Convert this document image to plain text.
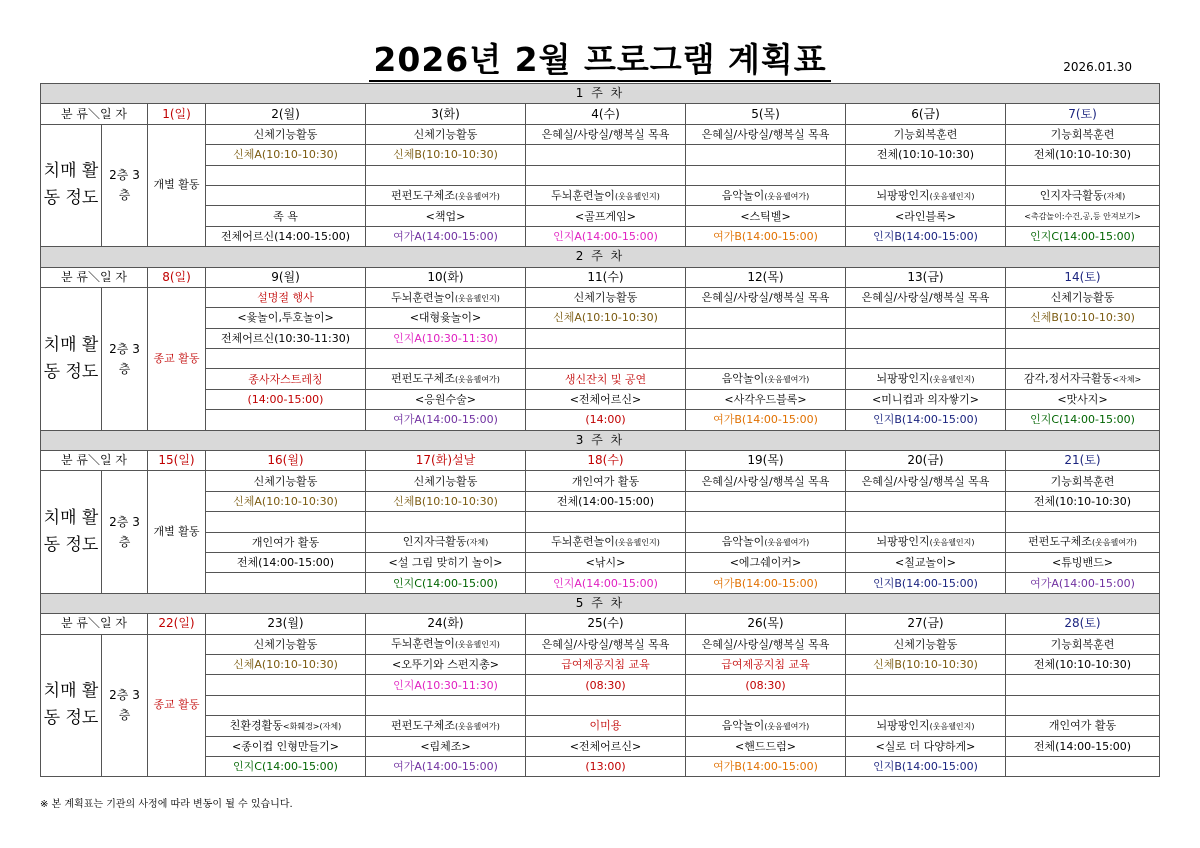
2026년 2월 프로그램 계획표	2026.01.30
1 주 차								
분 류＼일 자		1(일)	2(월)	3(화)	4(수)	5(목)	6(금)	7(토)
치매 활동 정도	2층 3층	개별 활동	신체기능활동	신체기능활동	은혜실/사랑실/행복실 목욕	은혜실/사랑실/행복실 목욕	기능회복훈련	기능회복훈련
			신체A(10:10-10:30)	신체B(10:10-10:30)			전체(10:10-10:30)	전체(10:10-10:30)

				펀펀도구체조(웃음웰여가)	두뇌훈련놀이(웃음웰인지)	음악놀이(웃음웰여가)	뇌팡팡인지(웃음웰인지)	인지자극활동(자체)
			족 욕	<책업>	<골프게임>	<스틱벨>	<라인블록>	<촉감놀이:수건,공,등 안져보기>
			전체어르신(14:00-15:00)	여가A(14:00-15:00)	인지A(14:00-15:00)	여가B(14:00-15:00)	인지B(14:00-15:00)	인지C(14:00-15:00)
2 주 차								
분 류＼일 자		8(일)	9(월)	10(화)	11(수)	12(목)	13(금)	14(토)
치매 활동 정도	2층 3층	종교 활동	설명절 행사	두뇌훈련놀이(웃음웰인지)	신체기능활동	은혜실/사랑실/행복실 목욕	은혜실/사랑실/행복실 목욕	신체기능활동
			<윷놀이,투호놀이>	<대형윷놀이>	신체A(10:10-10:30)			신체B(10:10-10:30)
			전체어르신(10:30-11:30)	인지A(10:30-11:30)				

			종사자스트레칭	펀펀도구체조(웃음웰여가)	생신잔치 및 공연	음악놀이(웃음웰여가)	뇌팡팡인지(웃음웰인지)	감각,정서자극활동<자체>
			(14:00-15:00)	<응원수술>	<전체어르신>	<사각우드블록>	<미니컵과 의자쌓기>	<맛사지>
				여가A(14:00-15:00)	(14:00)	여가B(14:00-15:00)	인지B(14:00-15:00)	인지C(14:00-15:00)
3 주 차								
분 류＼일 자		15(일)	16(월)	17(화)설날	18(수)	19(목)	20(금)	21(토)
치매 활동 정도	2층 3층	개별 활동	신체기능활동	신체기능활동	개인여가 활동	은혜실/사랑실/행복실 목욕	은혜실/사랑실/행복실 목욕	기능회복훈련
			신체A(10:10-10:30)	신체B(10:10-10:30)	전체(14:00-15:00)			전체(10:10-10:30)

			개인여가 활동	인지자극활동(자체)	두뇌훈련놀이(웃음웰인지)	음악놀이(웃음웰여가)	뇌팡팡인지(웃음웰인지)	펀펀도구체조(웃음웰여가)
			전체(14:00-15:00)	<설 그림 맞히기 놀이>	<낚시>	<에그쉐이커>	<칠교놀이>	<튜빙밴드>
				인지C(14:00-15:00)	인지A(14:00-15:00)	여가B(14:00-15:00)	인지B(14:00-15:00)	여가A(14:00-15:00)
5 주 차								
분 류＼일 자		22(일)	23(월)	24(화)	25(수)	26(목)	27(금)	28(토)
치매 활동 정도	2층 3층	종교 활동	신체기능활동	두뇌훈련놀이(웃음웰인지)	은혜실/사랑실/행복실 목욕	은혜실/사랑실/행복실 목욕	신체기능활동	기능회복훈련
			신체A(10:10-10:30)	<오뚜기와 스펀지총>	급여제공지침 교육	급여제공지침 교육	신체B(10:10-10:30)	전체(10:10-10:30)
				인지A(10:30-11:30)	(08:30)	(08:30)		

			친환경활동<화훼경>(자체)	펀펀도구체조(웃음웰여가)	이미용	음악놀이(웃음웰여가)	뇌팡팡인지(웃음웰인지)	개인여가 활동
			<종이컵 인형만들기>	<림체조>	<전체어르신>	<핸드드럼>	<실로 더 다양하게>	전체(14:00-15:00)
			인지C(14:00-15:00)	여가A(14:00-15:00)	(13:00)	여가B(14:00-15:00)	인지B(14:00-15:00)	
※ 본 계획표는 기관의 사정에 따라 변동이 될 수 있습니다.
